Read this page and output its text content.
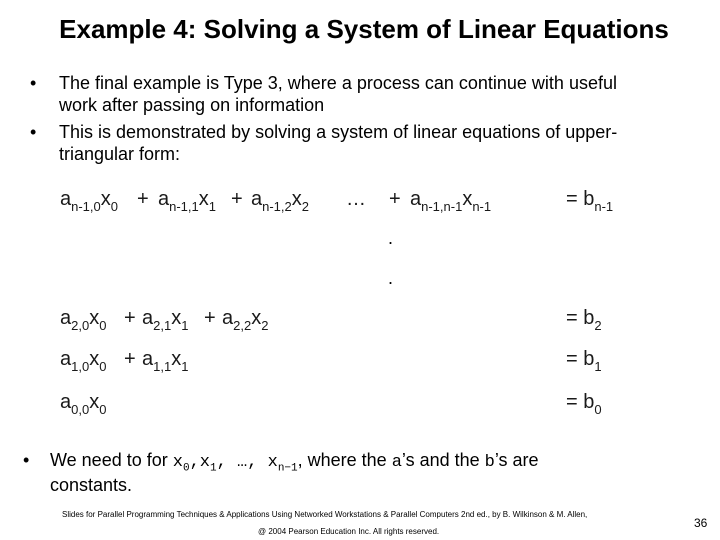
Example 4: Solving a System of Linear Equations
• The final example is Type 3, where a process can continue with useful
work after passing on information
• This is demonstrated by solving a system of linear equations of upper-
triangular form:
$a_{n-1,0}x_0 + a_{n-1,1}x_1 + a_{n-1,2}x_2$ … + $a_{n-1,n-1}x_{n-1}$	= $b_{n-1}$
.
.
$a_{2,0}x_0 + a_{2,1}x_1 + a_{2,2}x_2$	= $b_2$
$a_{1,0}x_0 + a_{1,1}x_1$	= $b_1$
$a_{0,0}x_0$	= $b_0$
• We need to for $x_0,x_1$, …, $x_{n-1}$, where the a’s and the b’s are
constants.
Slides for Parallel Programming Techniques & Applications Using Networked Workstations & Parallel Computers 2nd ed., by B. Wilkinson & M. Allen,
@ 2004 Pearson Education Inc. All rights reserved.
36
